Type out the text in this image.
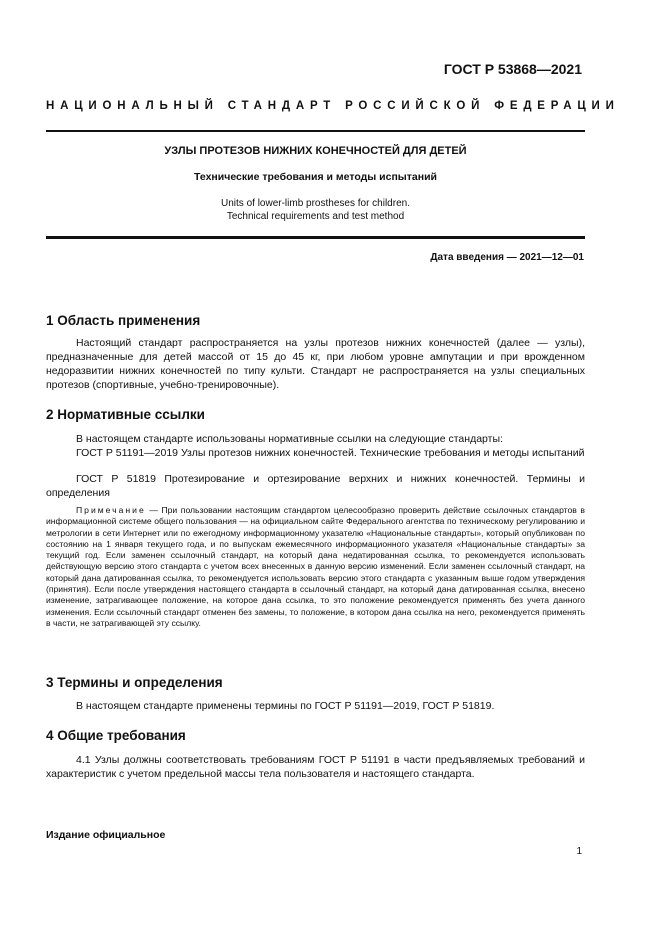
ГОСТ Р 53868—2021
НАЦИОНАЛЬНЫЙ СТАНДАРТ РОССИЙСКОЙ ФЕДЕРАЦИИ
УЗЛЫ ПРОТЕЗОВ НИЖНИХ КОНЕЧНОСТЕЙ ДЛЯ ДЕТЕЙ
Технические требования и методы испытаний
Units of lower-limb prostheses for children.
Technical requirements and test method
Дата введения — 2021—12—01
1 Область применения

Настоящий стандарт распространяется на узлы протезов нижних конечностей (далее — узлы), предназначенные для детей массой от 15 до 45 кг, при любом уровне ампутации и при врожденном недоразвитии нижних конечностей по типу культи. Стандарт не распространяется на узлы специальных протезов (спортивные, учебно-тренировочные).

2 Нормативные ссылки

В настоящем стандарте использованы нормативные ссылки на следующие стандарты:

ГОСТ Р 51191—2019 Узлы протезов нижних конечностей. Технические требования и методы испытаний

ГОСТ Р 51819 Протезирование и ортезирование верхних и нижних конечностей. Термины и определения

Примечание — При пользовании настоящим стандартом целесообразно проверить действие ссылочных стандартов в информационной системе общего пользования — на официальном сайте Федерального агентства по техническому регулированию и метрологии в сети Интернет или по ежегодному информационному указателю «Национальные стандарты», который опубликован по состоянию на 1 января текущего года, и по выпускам ежемесячного информационного указателя «Национальные стандарты» за текущий год. Если заменен ссылочный стандарт, на который дана недатированная ссылка, то рекомендуется использовать действующую версию этого стандарта с учетом всех внесенных в данную версию изменений. Если заменен ссылочный стандарт, на который дана датированная ссылка, то рекомендуется использовать версию этого стандарта с указанным выше годом утверждения (принятия). Если после утверждения настоящего стандарта в ссылочный стандарт, на который дана датированная ссылка, внесено изменение, затрагивающее положение, на которое дана ссылка, то это положение рекомендуется применять без учета данного изменения. Если ссылочный стандарт отменен без замены, то положение, в котором дана ссылка на него, рекомендуется применять в части, не затрагивающей эту ссылку.

3 Термины и определения

В настоящем стандарте применены термины по ГОСТ Р 51191—2019, ГОСТ Р 51819.

4 Общие требования

4.1 Узлы должны соответствовать требованиям ГОСТ Р 51191 в части предъявляемых требований и характеристик с учетом предельной массы тела пользователя и настоящего стандарта.

Издание официальное
1
